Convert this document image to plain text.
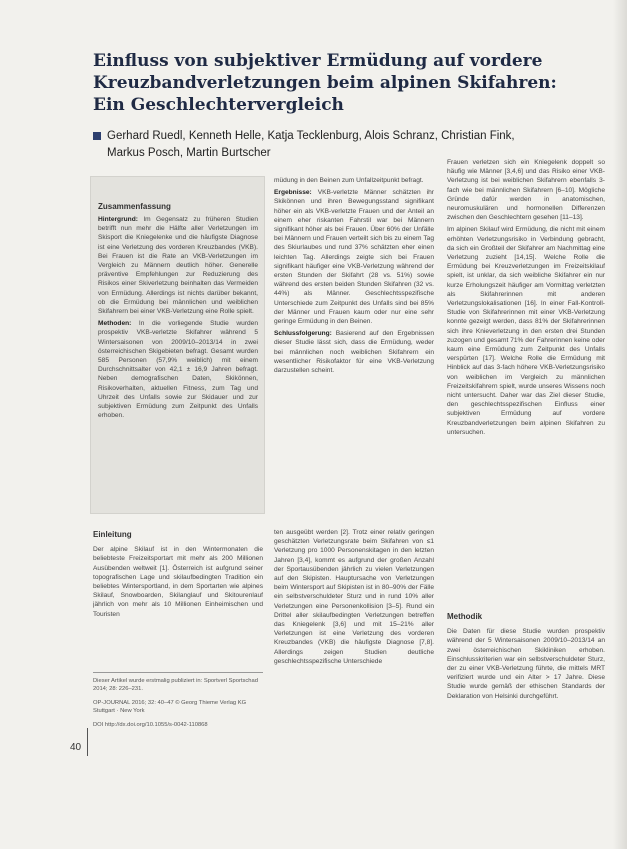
Einfluss von subjektiver Ermüdung auf vordere
Kreuzbandverletzungen beim alpinen Skifahren:
Ein Geschlechtervergleich
Gerhard Ruedl, Kenneth Helle, Katja Tecklenburg, Alois Schranz, Christian Fink,
Markus Posch, Martin Burtscher
Zusammenfassung

Hintergrund: Im Gegensatz zu früheren Studien betrifft nun mehr die Hälfte aller Verletzungen im Skisport die Kniegelenke und die häufigste Diagnose ist eine Verletzung des vorderen Kreuzbandes (VKB). Bei Frauen ist die Rate an VKB-Verletzungen im Vergleich zu Männern deutlich höher. Generelle präventive Empfehlungen zur Reduzierung des Risikos einer Skiverletzung beinhalten das Vermeiden von Ermüdung. Allerdings ist nichts darüber bekannt, ob die Ermüdung bei männlichen und weiblichen Skifahrern bei einer VKB-Verletzung eine Rolle spielt.

Methoden: In die vorliegende Studie wurden prospektiv VKB-verletzte Skifahrer während 5 Wintersaisonen von 2009/10–2013/14 in zwei österreichischen Skigebieten befragt. Gesamt wurden 585 Personen (57,9% weiblich) mit einem Durchschnittsalter von 42,1 ± 16,9 Jahren befragt. Neben demografischen Daten, Skikönnen, Risikoverhalten, aktuellen Fitness, zum Tag und Uhrzeit des Unfalls sowie zur Skidauer und zur subjektiven Ermüdung zum Zeitpunkt des Unfalls erhoben.

müdung in den Beinen zum Unfallzeitpunkt befragt.

Ergebnisse: VKB-verletzte Männer schätzten ihr Skikönnen und ihren Bewegungsstand signifikant höher ein als VKB-verletzte Frauen und der Anteil an einem eher riskanten Fahrstil war bei Männern signifikant höher als bei Frauen. Über 60% der Unfälle bei Männern und Frauen verteilt sich bis zu einem Tag des Skiurlaubes und rund 37% schätzten eher einen leichten Tag. Allerdings zeigte sich bei Frauen signifikant häufiger eine VKB-Verletzung während der ersten Stunden der Skifahrt (28 vs. 51%) sowie während des ersten beiden Stunden Skifahren (32 vs. 44%) als Männer. Geschlechtsspezifische Unterschiede zum Zeitpunkt des Unfalls sind bei 85% der Männer und Frauen kaum oder nur eine sehr geringe Ermüdung in den Beinen.

Schlussfolgerung: Basierend auf den Ergebnissen dieser Studie lässt sich, dass die Ermüdung, weder bei männlichen noch weiblichen Skifahrern ein wesentlicher Risikofaktor für eine VKB-Verletzung darzustellen scheint.

Frauen verletzen sich ein Kniegelenk doppelt so häufig wie Männer [3,4,6] und das Risiko einer VKB-Verletzung ist bei weiblichen Skifahrern ebenfalls 3-fach wie bei männlichen Skifahrern [6–10]. Mögliche Gründe dafür werden in anatomischen, neuromuskulären und hormonellen Differenzen zwischen den Geschlechtern gesehen [11–13].

Im alpinen Skilauf wird Ermüdung, die nicht mit einem erhöhten Verletzungsrisiko in Verbindung gebracht, da sich ein Großteil der Skifahrer am Nachmittag eine Verletzung zuzieht [14,15]. Welche Rolle die Ermüdung bei Kreuzverletzungen im Freizeitskilauf spielt, ist unklar, da sich weibliche Skifahrer ein nur kurze Erholungszeit häufiger am Vormittag verletzten als Skifahrerinnen mit anderen Verletzungslokalisationen [16]. In einer Fall-Kontroll-Studie von Skifahrerinnen mit einer VKB-Verletzung konnte gezeigt werden, dass 81% der Skifahrerinnen sich ihre Knieverletzung in den ersten drei Stunden zuzogen und gesamt 71% der Fahrerinnen keine oder kaum eine Ermüdung zum Zeitpunkt des Unfalls verspürten [17]. Welche Rolle die Ermüdung mit Hinblick auf das 3-fach höhere VKB-Verletzungsrisiko von weiblichen im Vergleich zu männlichen Freizeitskifahrern spielt, wurde unseres Wissens noch nicht untersucht. Daher war das Ziel dieser Studie, den geschlechtsspezifischen Einfluss einer subjektiven Ermüdung auf vordere Kreuzbandverletzungen beim alpinen Skifahren zu untersuchen.

Methodik

Die Daten für diese Studie wurden prospektiv während der 5 Wintersaisonen 2009/10–2013/14 an zwei österreichischen Skikliniken erhoben. Einschlusskriterien war ein selbstverschuldeter Sturz, der zu einer VKB-Verletzung führte, die mittels MRT verifiziert wurde und ein Alter > 17 Jahre. Diese Studie wurde gemäß der ethischen Standards der Deklaration von Helsinki durchgeführt.

Einleitung

Der alpine Skilauf ist in den Wintermonaten die beliebteste Freizeitsportart mit mehr als 200 Millionen Ausübenden weltweit [1]. Österreich ist aufgrund seiner topografischen Lage und skilaufbedingten Tradition ein beliebtes Wintersportland, in dem Sportarten wie alpines Skilauf, Snowboarden, Skilanglauf und Skitourenlauf jährlich von mehr als 10 Millionen Einheimischen und Touristen

ten ausgeübt werden [2]. Trotz einer relativ geringen geschätzten Verletzungsrate beim Skifahren von ≤1 Verletzung pro 1000 Personenskitagen in den letzten Jahren [3,4], kommt es aufgrund der großen Anzahl der Sportausübenden jährlich zu vielen Verletzungen auf den Skipisten. Hauptursache von Verletzungen beim Wintersport auf Skipisten ist in 80–90% der Fälle ein selbstverschuldeter Sturz und in rund 10% aller Verletzungen eine Personenkollision [3–5]. Rund ein Drittel aller skilaufbedingten Verletzungen betreffen das Kniegelenk [3,6] und mit 15–21% aller Verletzungen ist eine Verletzung des vorderen Kreuzbandes (VKB) die häufigste Diagnose [7,8]. Allerdings zeigen Studien deutliche geschlechtsspezifische Unterschiede

Dieser Artikel wurde erstmalig publiziert in: Sportverl Sportschad 2014; 28: 226–231.

OP-JOURNAL 2016; 32: 40–47 © Georg Thieme Verlag KG Stuttgart · New York

DOI http://dx.doi.org/10.1055/s-0042-110868

40
